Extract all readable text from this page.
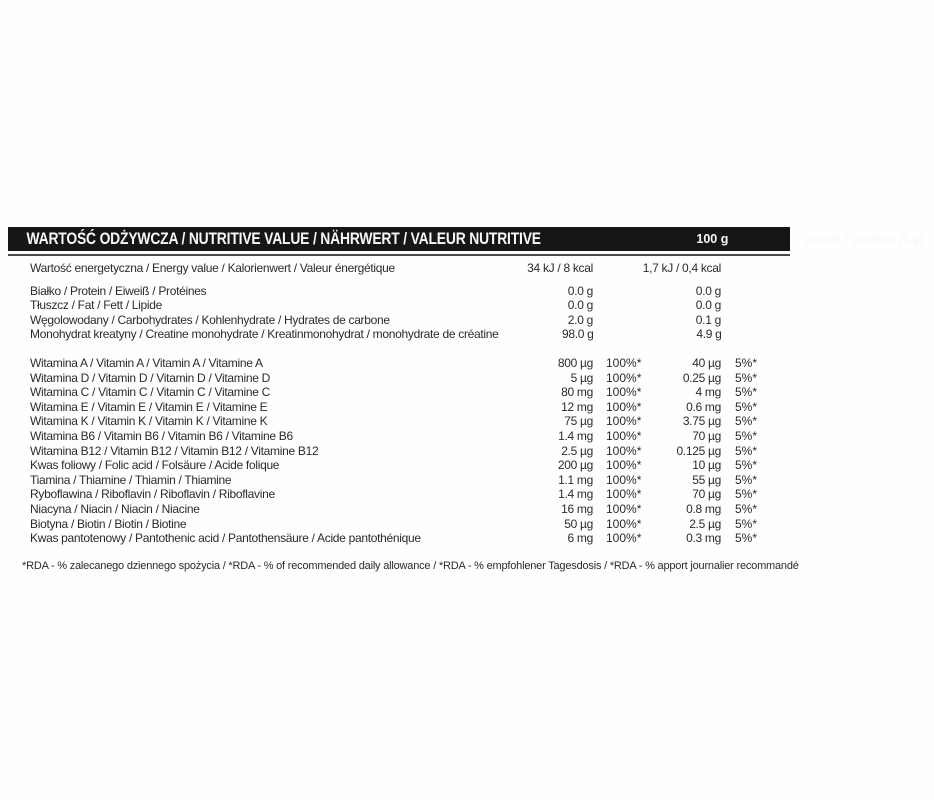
WARTOŚĆ ODŻYWCZA / NUTRITIVE VALUE / NÄHRWERT / VALEUR NUTRITIVE	100 g	porcja / portion (5 g)
Wartość energetyczna / Energy value / Kalorienwert / Valeur énergétique	34 kJ / 8 kcal	1,7 kJ / 0,4 kcal
Białko / Protein / Eiweiß / Protéines	0.0 g	0.0 g
Tłuszcz / Fat / Fett / Lipide	0.0 g	0.0 g
Węgolowodany / Carbohydrates / Kohlenhydrate / Hydrates de carbone	2.0 g	0.1 g
Monohydrat kreatyny / Creatine monohydrate / Kreatinmonohydrat / monohydrate de créatine	98.0 g	4.9 g
Witamina A / Vitamin A / Vitamin A / Vitamine A	800 µg	100%*	40 µg	5%*
Witamina D / Vitamin D / Vitamin D / Vitamine D	5 µg	100%*	0.25 µg	5%*
Witamina C / Vitamin C / Vitamin C / Vitamine C	80 mg	100%*	4 mg	5%*
Witamina E / Vitamin E / Vitamin E / Vitamine E	12 mg	100%*	0.6 mg	5%*
Witamina K / Vitamin K / Vitamin K / Vitamine K	75 µg	100%*	3.75 µg	5%*
Witamina B6 / Vitamin B6 / Vitamin B6 / Vitamine B6	1.4 mg	100%*	70 µg	5%*
Witamina B12 / Vitamin B12 / Vitamin B12 / Vitamine B12	2.5 µg	100%*	0.125 µg	5%*
Kwas foliowy / Folic acid / Folsäure / Acide folique	200 µg	100%*	10 µg	5%*
Tiamina / Thiamine / Thiamin / Thiamine	1.1 mg	100%*	55 µg	5%*
Ryboflawina / Riboflavin / Riboflavin / Riboflavine	1.4 mg	100%*	70 µg	5%*
Niacyna / Niacin / Niacin / Niacine	16 mg	100%*	0.8 mg	5%*
Biotyna / Biotin / Biotin / Biotine	50 µg	100%*	2.5 µg	5%*
Kwas pantotenowy / Pantothenic acid / Pantothensäure / Acide pantothénique	6 mg	100%*	0.3 mg	5%*
*RDA - % zalecanego dziennego spożycia / *RDA - % of recommended daily allowance / *RDA - % empfohlener Tagesdosis / *RDA - % apport journalier recommandé
